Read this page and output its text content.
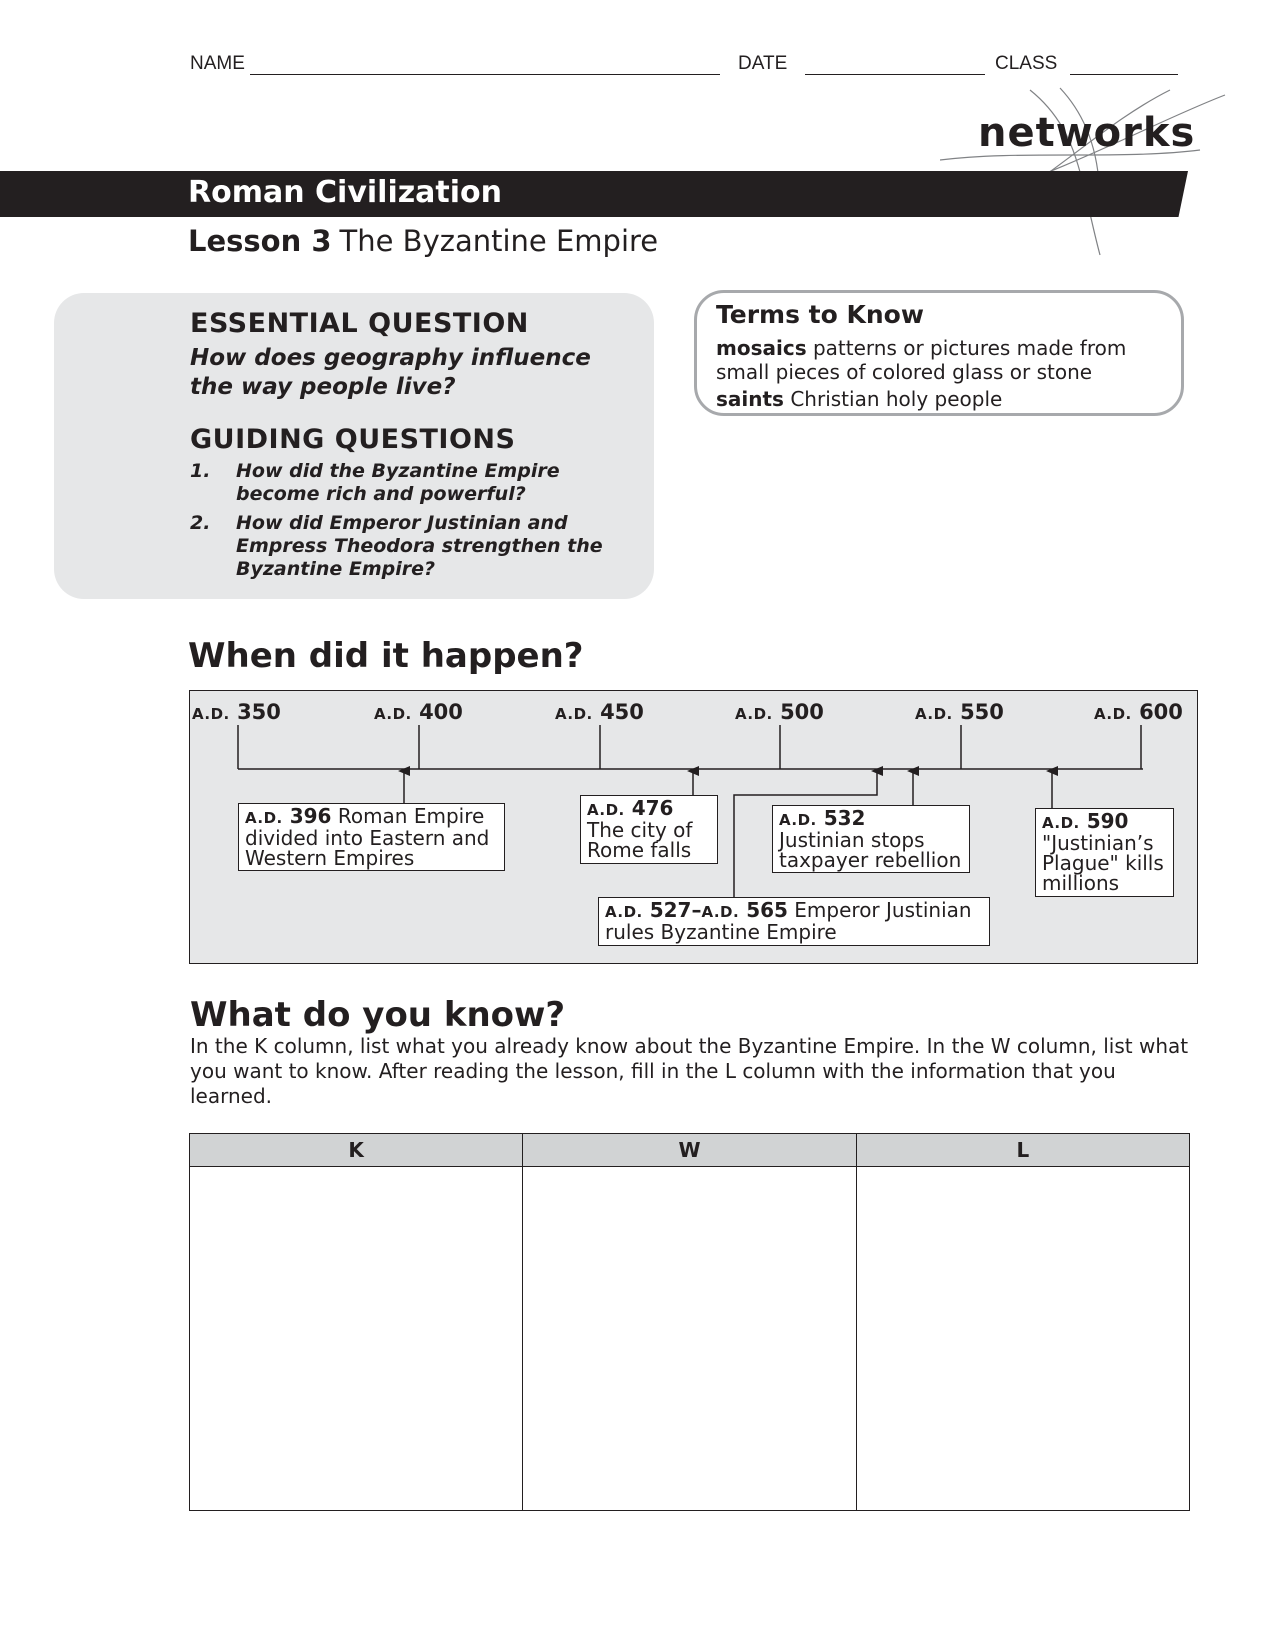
NAME	DATE	CLASS
networks
Roman Civilization
Lesson 3 The Byzantine Empire
ESSENTIAL QUESTION
How does geography influence the way people live?
GUIDING QUESTIONS
1. How did the Byzantine Empire become rich and powerful?
2. How did Emperor Justinian and Empress Theodora strengthen the Byzantine Empire?
Terms to Know
mosaics patterns or pictures made from small pieces of colored glass or stone
saints Christian holy people
When did it happen?
A.D. 350	A.D. 400	A.D. 450	A.D. 500	A.D. 550	A.D. 600
A.D. 396 Roman Empire divided into Eastern and Western Empires
A.D. 476 The city of Rome falls
A.D. 532
Justinian stops taxpayer rebellion
A.D. 590
"Justinian’s Plague" kills millions
A.D. 527–A.D. 565 Emperor Justinian rules Byzantine Empire
What do you know?
In the K column, list what you already know about the Byzantine Empire. In the W column, list what you want to know. After reading the lesson, fill in the L column with the information that you learned.
K	W	L
